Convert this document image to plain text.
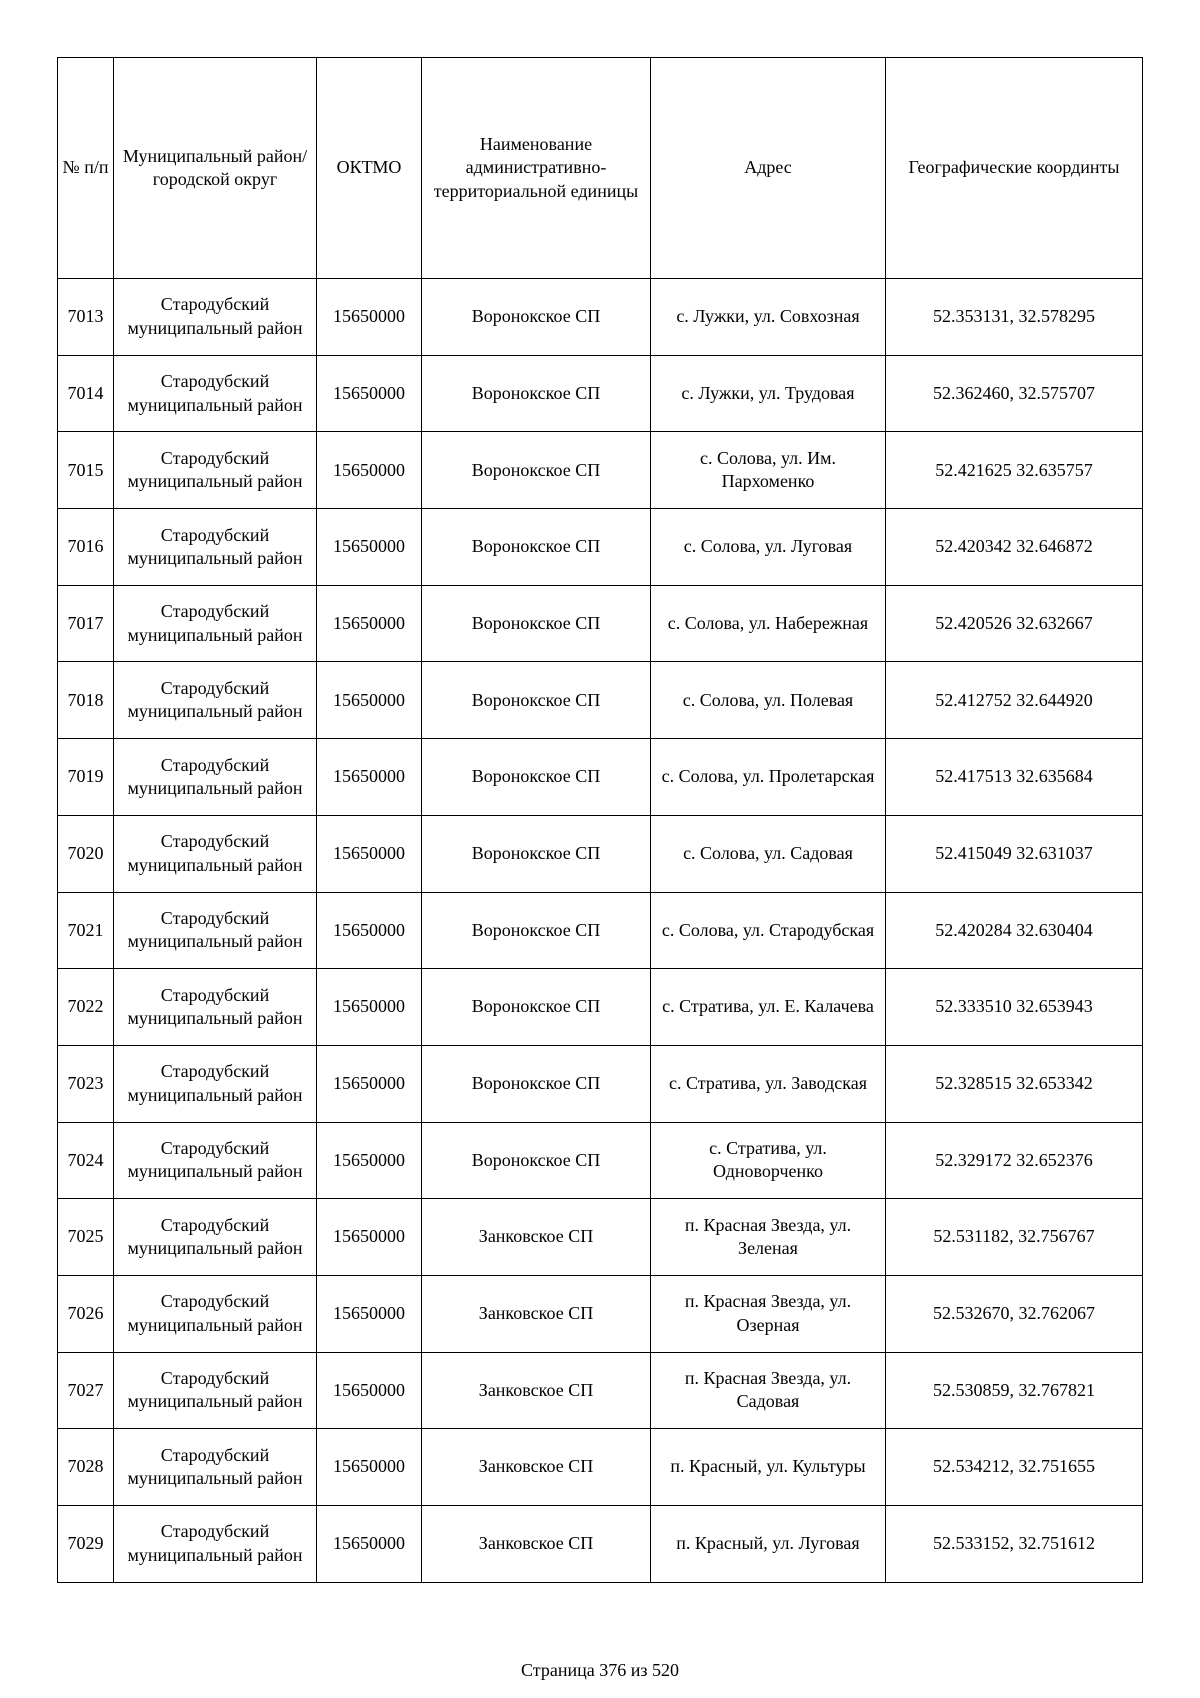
№ п/п	Муниципальный район/городской округ	ОКТМО	Наименование административно-территориальной единицы	Адрес	Географические координты
7013	Стародубский муниципальный район	15650000	Воронокское СП	с. Лужки, ул. Совхозная	52.353131, 32.578295
7014	Стародубский муниципальный район	15650000	Воронокское СП	с. Лужки, ул. Трудовая	52.362460, 32.575707
7015	Стародубский муниципальный район	15650000	Воронокское СП	с. Солова, ул. Им. Пархоменко	52.421625 32.635757
7016	Стародубский муниципальный район	15650000	Воронокское СП	с. Солова, ул. Луговая	52.420342 32.646872
7017	Стародубский муниципальный район	15650000	Воронокское СП	с. Солова, ул. Набережная	52.420526 32.632667
7018	Стародубский муниципальный район	15650000	Воронокское СП	с. Солова, ул. Полевая	52.412752 32.644920
7019	Стародубский муниципальный район	15650000	Воронокское СП	с. Солова, ул. Пролетарская	52.417513 32.635684
7020	Стародубский муниципальный район	15650000	Воронокское СП	с. Солова, ул. Садовая	52.415049 32.631037
7021	Стародубский муниципальный район	15650000	Воронокское СП	с. Солова, ул. Стародубская	52.420284 32.630404
7022	Стародубский муниципальный район	15650000	Воронокское СП	с. Стратива, ул. Е. Калачева	52.333510 32.653943
7023	Стародубский муниципальный район	15650000	Воронокское СП	с. Стратива, ул. Заводская	52.328515 32.653342
7024	Стародубский муниципальный район	15650000	Воронокское СП	с. Стратива, ул. Одноворченко	52.329172 32.652376
7025	Стародубский муниципальный район	15650000	Занковское СП	п. Красная Звезда, ул. Зеленая	52.531182, 32.756767
7026	Стародубский муниципальный район	15650000	Занковское СП	п. Красная Звезда, ул. Озерная	52.532670, 32.762067
7027	Стародубский муниципальный район	15650000	Занковское СП	п. Красная Звезда, ул. Садовая	52.530859, 32.767821
7028	Стародубский муниципальный район	15650000	Занковское СП	п. Красный, ул. Культуры	52.534212, 32.751655
7029	Стародубский муниципальный район	15650000	Занковское СП	п. Красный, ул. Луговая	52.533152, 32.751612
Страница 376 из 520
